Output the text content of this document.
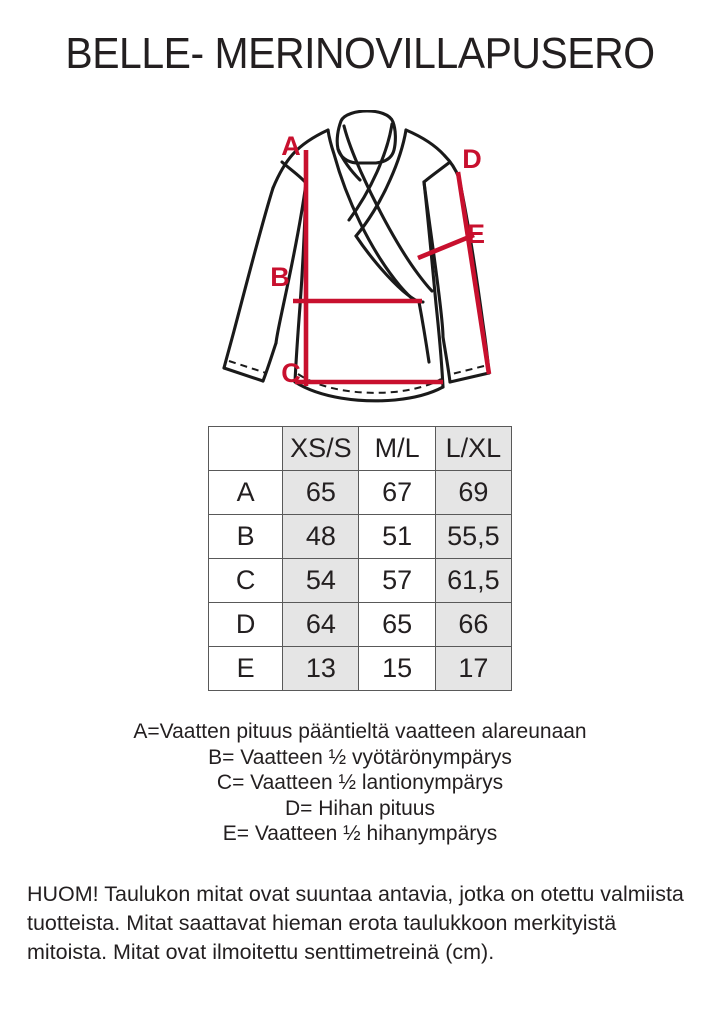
BELLE- MERINOVILLAPUSERO
A
B
C
D
E
	XS/S	M/L	L/XL
A	65	67	69
B	48	51	55,5
C	54	57	61,5
D	64	65	66
E	13	15	17
A=Vaatten pituus pääntieltä vaatteen alareunaan
B= Vaatteen ½ vyötärönympärys
C= Vaatteen ½ lantionympärys
D= Hihan pituus
E= Vaatteen ½ hihanympärys
HUOM! Taulukon mitat ovat suuntaa antavia, jotka on otettu valmiista tuotteista. Mitat saattavat hieman erota taulukkoon merkityistä mitoista. Mitat ovat ilmoitettu senttimetreinä (cm).
